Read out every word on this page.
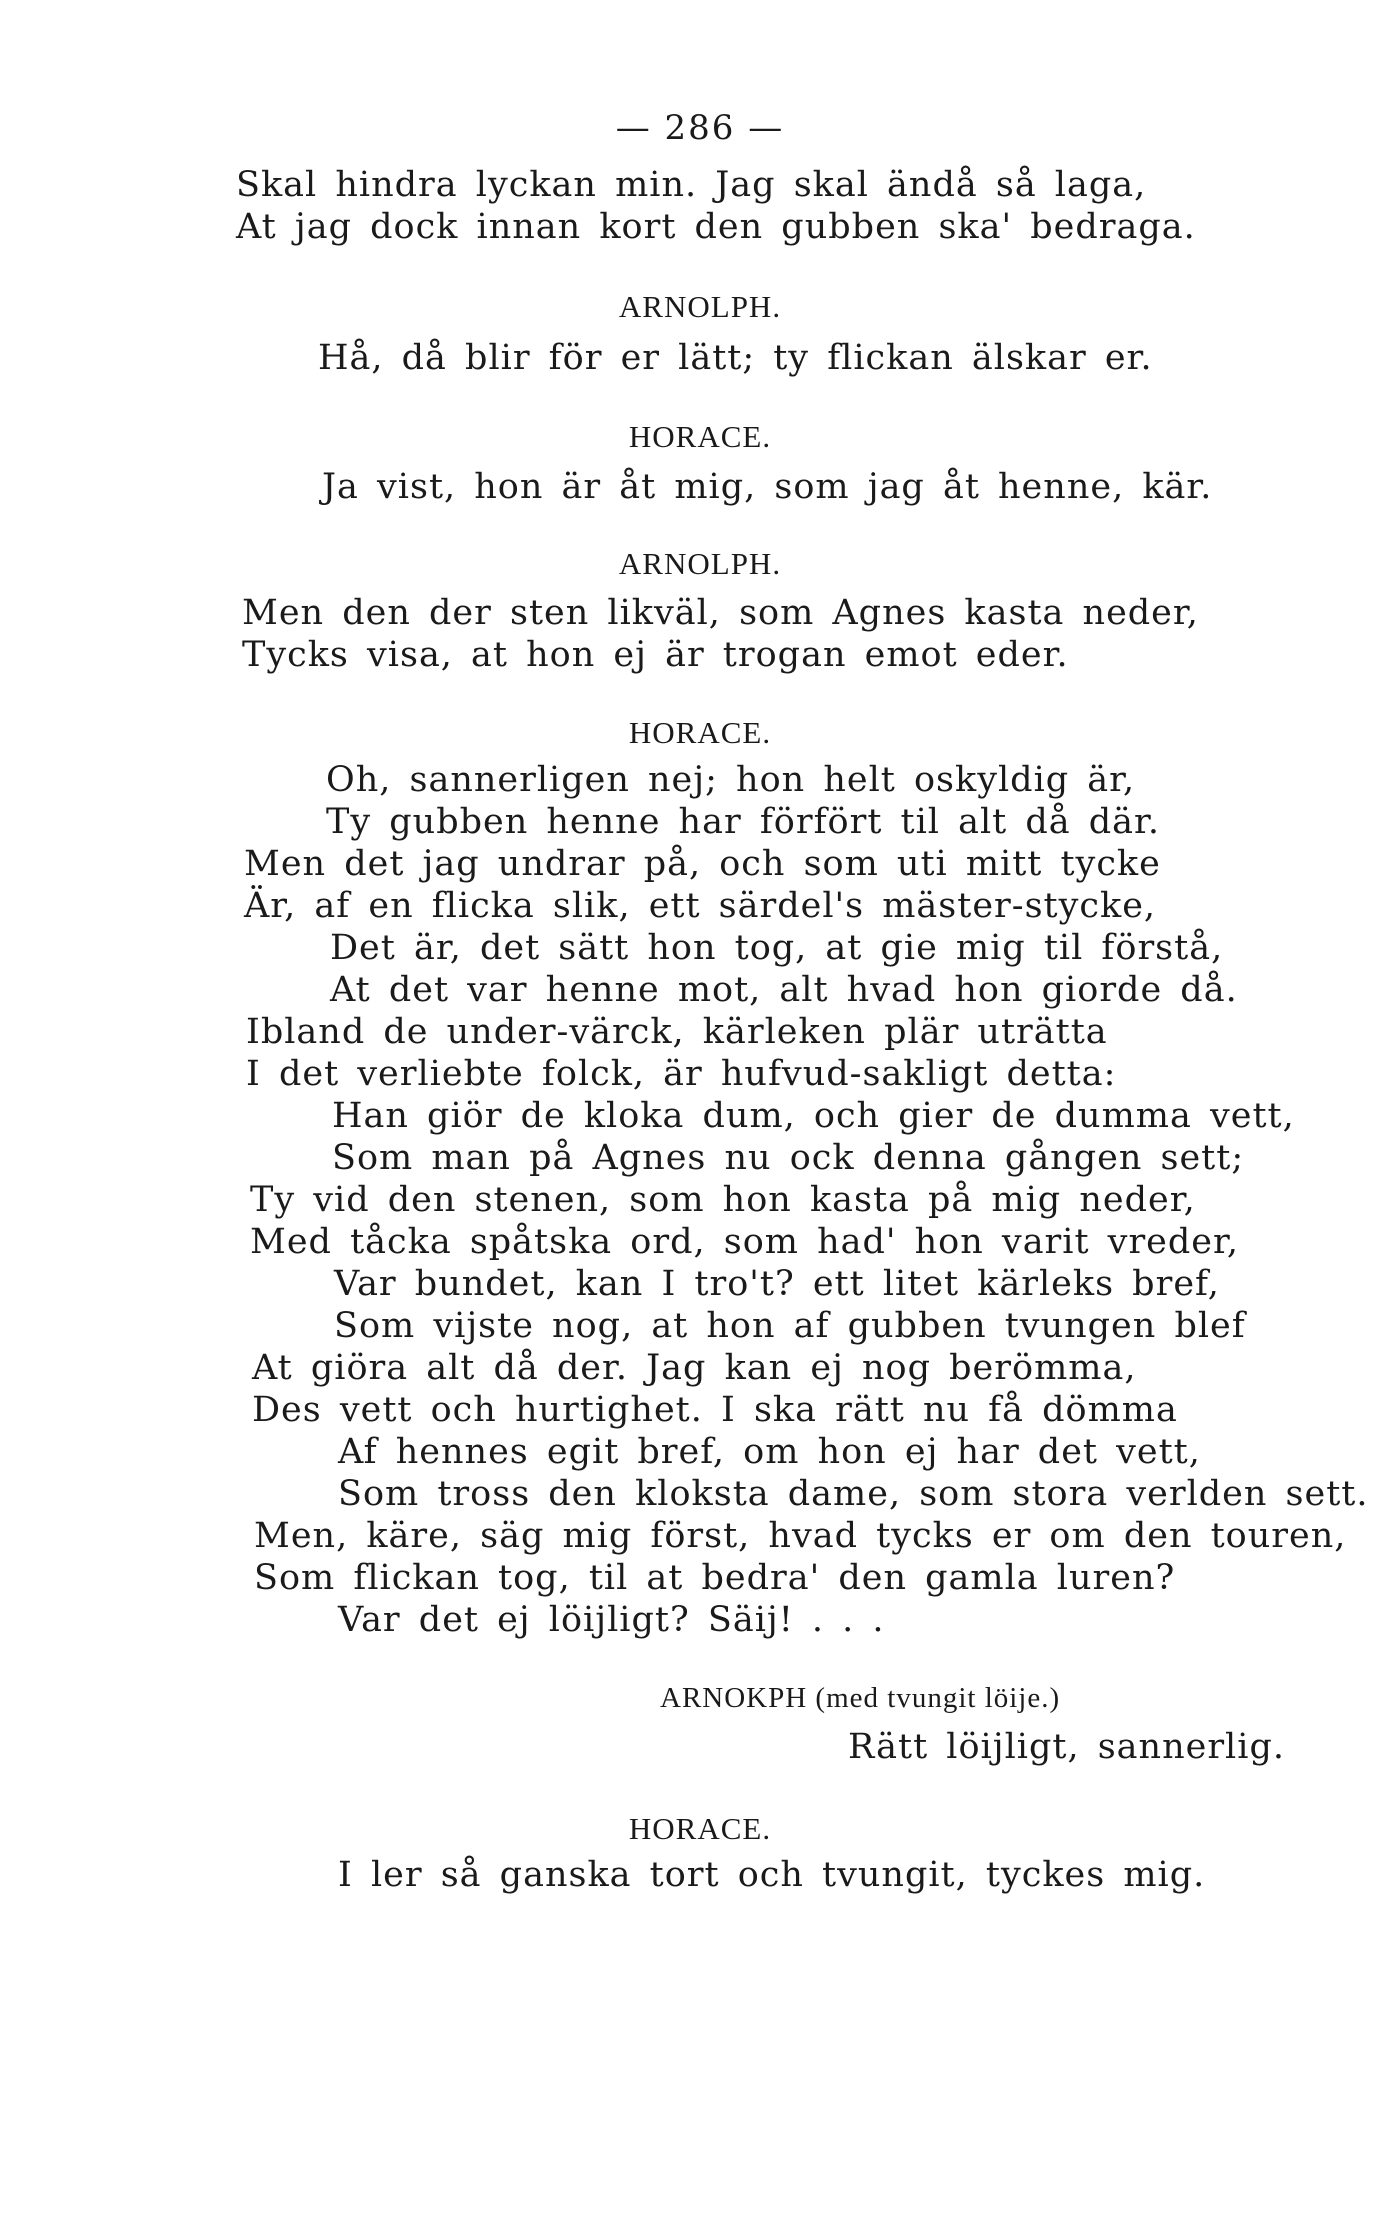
— 286 —
Skal hindra lyckan min. Jag skal ändå så laga,
At jag dock innan kort den gubben ska' bedraga.
ARNOLPH.
Hå, då blir för er lätt; ty flickan älskar er.
HORACE.
Ja vist, hon är åt mig, som jag åt henne, kär.
ARNOLPH.
Men den der sten likväl, som Agnes kasta neder,
Tycks visa, at hon ej är trogan emot eder.
HORACE.
Oh, sannerligen nej; hon helt oskyldig är,
Ty gubben henne har förfört til alt då där.
Men det jag undrar på, och som uti mitt tycke
Är, af en flicka slik, ett särdel's mäster-stycke,
Det är, det sätt hon tog, at gie mig til förstå,
At det var henne mot, alt hvad hon giorde då.
Ibland de under-värck, kärleken plär uträtta
I det verliebte folck, är hufvud-sakligt detta:
Han giör de kloka dum, och gier de dumma vett,
Som man på Agnes nu ock denna gången sett;
Ty vid den stenen, som hon kasta på mig neder,
Med tåcka spåtska ord, som had' hon varit vreder,
Var bundet, kan I tro't? ett litet kärleks bref,
Som vijste nog, at hon af gubben tvungen blef
At giöra alt då der. Jag kan ej nog berömma,
Des vett och hurtighet. I ska rätt nu få dömma
Af hennes egit bref, om hon ej har det vett,
Som tross den kloksta dame, som stora verlden sett.
Men, käre, säg mig först, hvad tycks er om den touren,
Som flickan tog, til at bedra' den gamla luren?
Var det ej löijligt? Säij! . . .
ARNOKPH (med tvungit löije.)
Rätt löijligt, sannerlig.
HORACE.
I ler så ganska tort och tvungit, tyckes mig.
